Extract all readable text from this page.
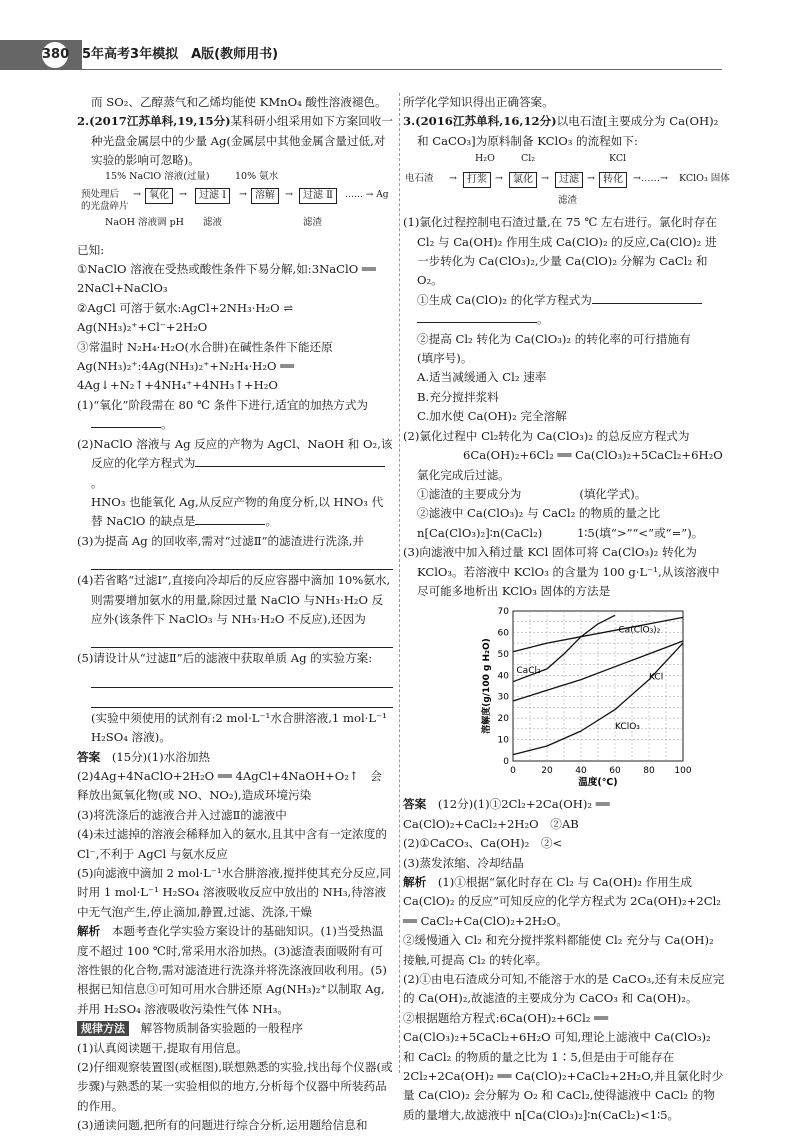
380 5年高考3年模拟　A版(教师用书)

而 SO₂、乙醇蒸气和乙烯均能使 KMnO₄ 酸性溶液褪色。

2.(2017江苏单科,19,15分)某科研小组采用如下方案回收一种光盘金属层中的少量 Ag(金属层中其他金属含量过低,对实验的影响可忽略)。

15% NaClO 溶液(过量)	10% 氨水
预处理后
的光盘碎片
→ 氧化	→	过滤 Ⅰ	→ 溶解	→	过滤 Ⅱ	…… → Ag
NaOH 溶液调 pH 滤液	滤渣

已知:

①NaClO 溶液在受热或酸性条件下易分解,如:3NaClO ══ 2NaCl+NaClO₃

②AgCl 可溶于氨水:AgCl+2NH₃·H₂O ⇌ Ag(NH₃)₂⁺+Cl⁻+2H₂O

③常温时 N₂H₄·H₂O(水合肼)在碱性条件下能还原 Ag(NH₃)₂⁺:4Ag(NH₃)₂⁺+N₂H₄·H₂O ══ 4Ag↓+N₂↑+4NH₄⁺+4NH₃↑+H₂O

(1)“氧化”阶段需在 80 ℃ 条件下进行,适宜的加热方式为。

(2)NaClO 溶液与 Ag 反应的产物为 AgCl、NaOH 和 O₂,该反应的化学方程式为。
HNO₃ 也能氧化 Ag,从反应产物的角度分析,以 HNO₃ 代替 NaClO 的缺点是	。

(3)为提高 Ag 的回收率,需对“过滤Ⅱ”的滤渣进行洗涤,并

(4)若省略“过滤Ⅰ”,直接向冷却后的反应容器中滴加 10%氨水,则需要增加氨水的用量,除因过量 NaClO 与NH₃·H₂O 反应外(该条件下 NaClO₃ 与 NH₃·H₂O 不反应),还因为

(5)请设计从“过滤Ⅱ”后的滤液中获取单质 Ag 的实验方案:

(实验中须使用的试剂有:2 mol·L⁻¹水合肼溶液,1 mol·L⁻¹ H₂SO₄ 溶液)。

答案　 (15分)(1)水浴加热

(2)4Ag+4NaClO+2H₂O ══ 4AgCl+4NaOH+O₂↑　会释放出氮氧化物(或 NO、NO₂),造成环境污染

(3)将洗涤后的滤液合并入过滤Ⅱ的滤液中

(4)未过滤掉的溶液会稀释加入的氨水,且其中含有一定浓度的 Cl⁻,不利于 AgCl 与氨水反应

(5)向滤液中滴加 2 mol·L⁻¹水合肼溶液,搅拌使其充分反应,同时用 1 mol·L⁻¹ H₂SO₄ 溶液吸收反应中放出的 NH₃,待溶液中无气泡产生,停止滴加,静置,过滤、洗涤,干燥

解析　 本题考查化学实验方案设计的基础知识。(1)当受热温度不超过 100 ℃时,常采用水浴加热。(3)滤渣表面吸附有可溶性银的化合物,需对滤渣进行洗涤并将洗涤液回收利用。(5)根据已知信息③可知可用水合肼还原 Ag(NH₃)₂⁺以制取 Ag,并用 H₂SO₄ 溶液吸收污染性气体 NH₃。

规律方法　 解答物质制备实验题的一般程序

(1)认真阅读题干,提取有用信息。

(2)仔细观察装置图(或框图),联想熟悉的实验,找出每个仪器(或步骤)与熟悉的某一实验相似的地方,分析每个仪器中所装药品的作用。

(3)通读问题,把所有的问题进行综合分析,运用题给信息和

所学化学知识得出正确答案。

3.(2016江苏单科,16,12分)以电石渣[主要成分为 Ca(OH)₂ 和 CaCO₃]为原料制备 KClO₃ 的流程如下:

H₂O	Cl₂	KCl
电石渣 →	打浆 →	氯化 →	过滤 → 转化	→……→ KClO₃ 固体
滤渣

(1)氯化过程控制电石渣过量,在 75 ℃ 左右进行。氯化时存在 Cl₂ 与 Ca(OH)₂ 作用生成 Ca(ClO)₂ 的反应,Ca(ClO)₂ 进一步转化为 Ca(ClO₃)₂,少量 Ca(ClO)₂ 分解为 CaCl₂ 和 O₂。

①生成 Ca(ClO)₂ 的化学方程式为
。

②提高 Cl₂ 转化为 Ca(ClO₃)₂ 的转化率的可行措施有　　　(填序号)。

A.适当减缓通入 Cl₂ 速率

B.充分搅拌浆料

C.加水使 Ca(OH)₂ 完全溶解

(2)氯化过程中 Cl₂转化为 Ca(ClO₃)₂ 的总反应方程式为

6Ca(OH)₂+6Cl₂ ══ Ca(ClO₃)₂+5CaCl₂+6H₂O

氯化完成后过滤。

①滤渣的主要成分为　　　　　(填化学式)。

②滤液中 Ca(ClO₃)₂ 与 CaCl₂ 的物质的量之比 n[Ca(ClO₃)₂]∶n(CaCl₂)　　　1∶5(填“>”“<”或“=”)。

(3)向滤液中加入稍过量 KCl 固体可将 Ca(ClO₃)₂ 转化为 KClO₃。若溶液中 KClO₃ 的含量为 100 g·L⁻¹,从该溶液中尽可能多地析出 KClO₃ 固体的方法是

0	20	40	60	80 100
0
10
20
30
40
50
60
70
温度(℃)
溶解度(g/100 g H₂O)
Ca(ClO₃)₂
CaCl₂
KCl
KClO₃

答案　 (12分)(1)①2Cl₂+2Ca(OH)₂ ══ Ca(ClO)₂+CaCl₂+2H₂O　②AB

(2)①CaCO₃、Ca(OH)₂　②<

(3)蒸发浓缩、冷却结晶

解析　 (1)①根据“氯化时存在 Cl₂ 与 Ca(OH)₂ 作用生成 Ca(ClO)₂ 的反应”可知反应的化学方程式为 2Ca(OH)₂+2Cl₂ ══ CaCl₂+Ca(ClO)₂+2H₂O。

②缓慢通入 Cl₂ 和充分搅拌浆料都能使 Cl₂ 充分与 Ca(OH)₂ 接触,可提高 Cl₂ 的转化率。

(2)①由电石渣成分可知,不能溶于水的是 CaCO₃,还有未反应完的 Ca(OH)₂,故滤渣的主要成分为 CaCO₃ 和 Ca(OH)₂。

②根据题给方程式:6Ca(OH)₂+6Cl₂ ══ Ca(ClO₃)₂+5CaCl₂+6H₂O 可知,理论上滤液中 Ca(ClO₃)₂ 和 CaCl₂ 的物质的量之比为 1∶5,但是由于可能存在 2Cl₂+2Ca(OH)₂ ══ Ca(ClO)₂+CaCl₂+2H₂O,并且氯化时少量 Ca(ClO)₂ 会分解为 O₂ 和 CaCl₂,使得滤液中 CaCl₂ 的物质的量增大,故滤液中 n[Ca(ClO₃)₂]∶n(CaCl₂)<1∶5。
